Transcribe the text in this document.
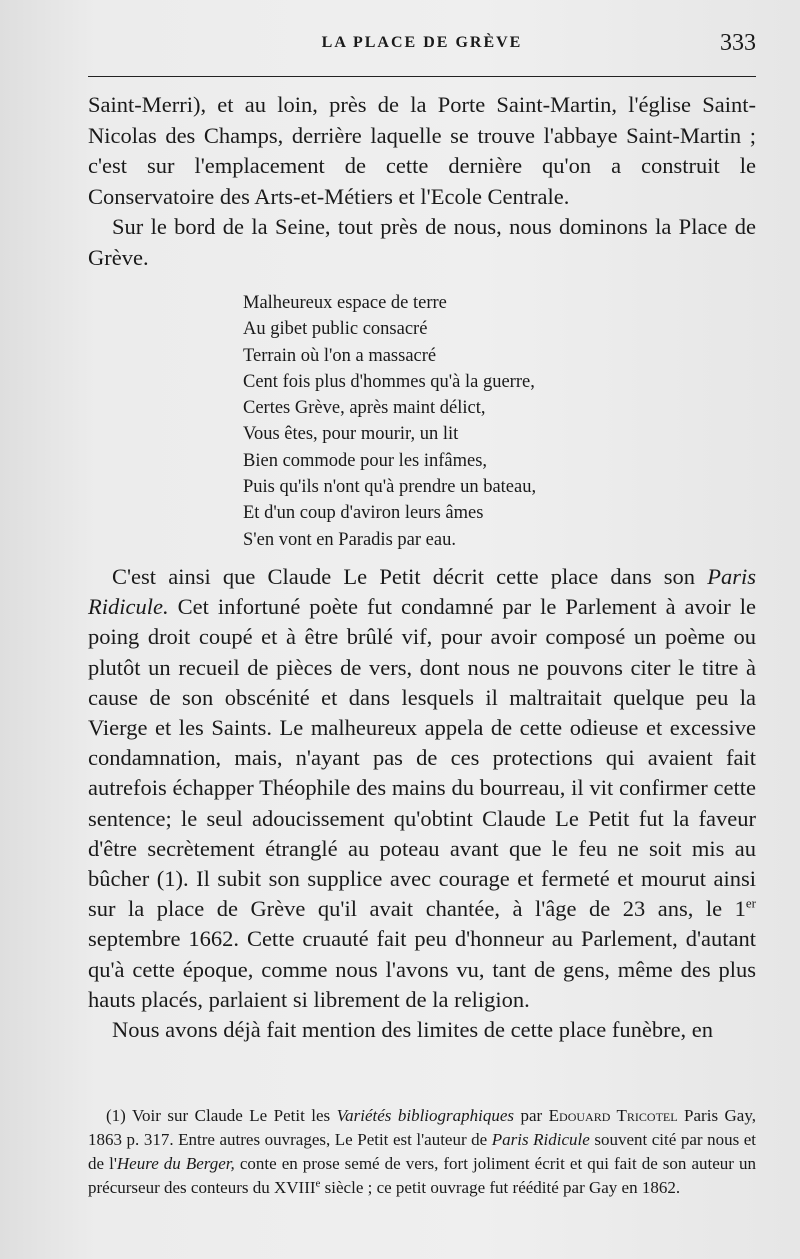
LA PLACE DE GRÈVE	333

Saint-Merri), et au loin, près de la Porte Saint-Martin, l'église Saint-Nicolas des Champs, derrière laquelle se trouve l'abbaye Saint-Martin ; c'est sur l'emplacement de cette dernière qu'on a construit le Conservatoire des Arts-et-Métiers et l'Ecole Centrale.

Sur le bord de la Seine, tout près de nous, nous dominons la Place de Grève.

Malheureux espace de terre
Au gibet public consacré
Terrain où l'on a massacré
Cent fois plus d'hommes qu'à la guerre,
Certes Grève, après maint délict,
Vous êtes, pour mourir, un lit
Bien commode pour les infâmes,
Puis qu'ils n'ont qu'à prendre un bateau,
Et d'un coup d'aviron leurs âmes
S'en vont en Paradis par eau.

C'est ainsi que Claude Le Petit décrit cette place dans son Paris Ridicule. Cet infortuné poète fut condamné par le Parlement à avoir le poing droit coupé et à être brûlé vif, pour avoir composé un poème ou plutôt un recueil de pièces de vers, dont nous ne pouvons citer le titre à cause de son obscénité et dans lesquels il maltraitait quelque peu la Vierge et les Saints. Le malheureux appela de cette odieuse et excessive condamnation, mais, n'ayant pas de ces protections qui avaient fait autrefois échapper Théophile des mains du bourreau, il vit confirmer cette sentence; le seul adoucissement qu'obtint Claude Le Petit fut la faveur d'être secrètement étranglé au poteau avant que le feu ne soit mis au bûcher (1). Il subit son supplice avec courage et fermeté et mourut ainsi sur la place de Grève qu'il avait chantée, à l'âge de 23 ans, le 1er septembre 1662. Cette cruauté fait peu d'honneur au Parlement, d'autant qu'à cette époque, comme nous l'avons vu, tant de gens, même des plus hauts placés, parlaient si librement de la religion.

Nous avons déjà fait mention des limites de cette place funèbre, en

(1) Voir sur Claude Le Petit les Variétés bibliographiques par Edouard Tricotel Paris Gay, 1863 p. 317. Entre autres ouvrages, Le Petit est l'auteur de Paris Ridicule souvent cité par nous et de l'Heure du Berger, conte en prose semé de vers, fort joliment écrit et qui fait de son auteur un précurseur des conteurs du XVIIIe siècle ; ce petit ouvrage fut réédité par Gay en 1862.
